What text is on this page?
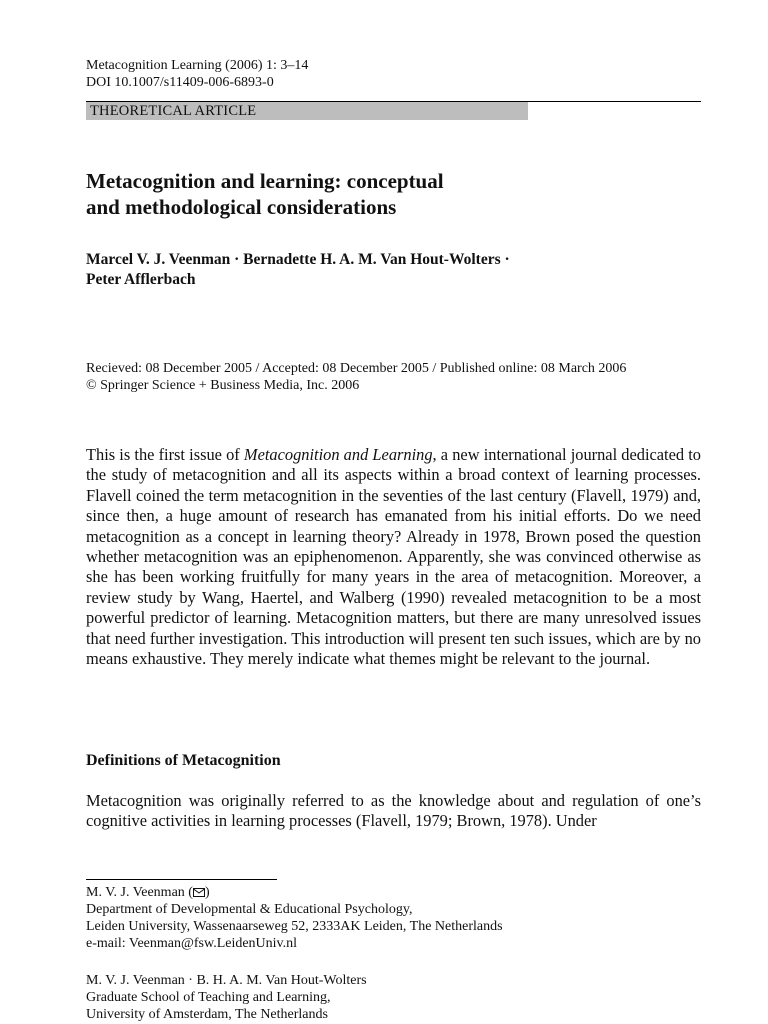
Metacognition Learning (2006) 1: 3–14
DOI 10.1007/s11409-006-6893-0
THEORETICAL ARTICLE
Metacognition and learning: conceptual
and methodological considerations

Marcel V. J. Veenman · Bernadette H. A. M. Van Hout-Wolters ·
Peter Afflerbach

Recieved: 08 December 2005 / Accepted: 08 December 2005 / Published online: 08 March 2006
© Springer Science + Business Media, Inc. 2006

This is the first issue of Metacognition and Learning, a new international journal dedicated to the study of metacognition and all its aspects within a broad context of learning processes. Flavell coined the term metacognition in the seventies of the last century (Flavell, 1979) and, since then, a huge amount of research has emanated from his initial efforts. Do we need metacognition as a concept in learning theory? Already in 1978, Brown posed the question whether metacognition was an epiphenomenon. Apparently, she was convinced otherwise as she has been working fruitfully for many years in the area of metacognition. Moreover, a review study by Wang, Haertel, and Walberg (1990) revealed metacognition to be a most powerful predictor of learning. Metacognition matters, but there are many unresolved issues that need further investigation. This introduction will present ten such issues, which are by no means exhaustive. They merely indicate what themes might be relevant to the journal.

Definitions of Metacognition

Metacognition was originally referred to as the knowledge about and regulation of one’s cognitive activities in learning processes (Flavell, 1979; Brown, 1978). Under

M. V. J. Veenman ( )
Department of Developmental & Educational Psychology,
Leiden University, Wassenaarseweg 52, 2333AK Leiden, The Netherlands
e-mail: Veenman@fsw.LeidenUniv.nl
M. V. J. Veenman · B. H. A. M. Van Hout-Wolters
Graduate School of Teaching and Learning,
University of Amsterdam, The Netherlands
